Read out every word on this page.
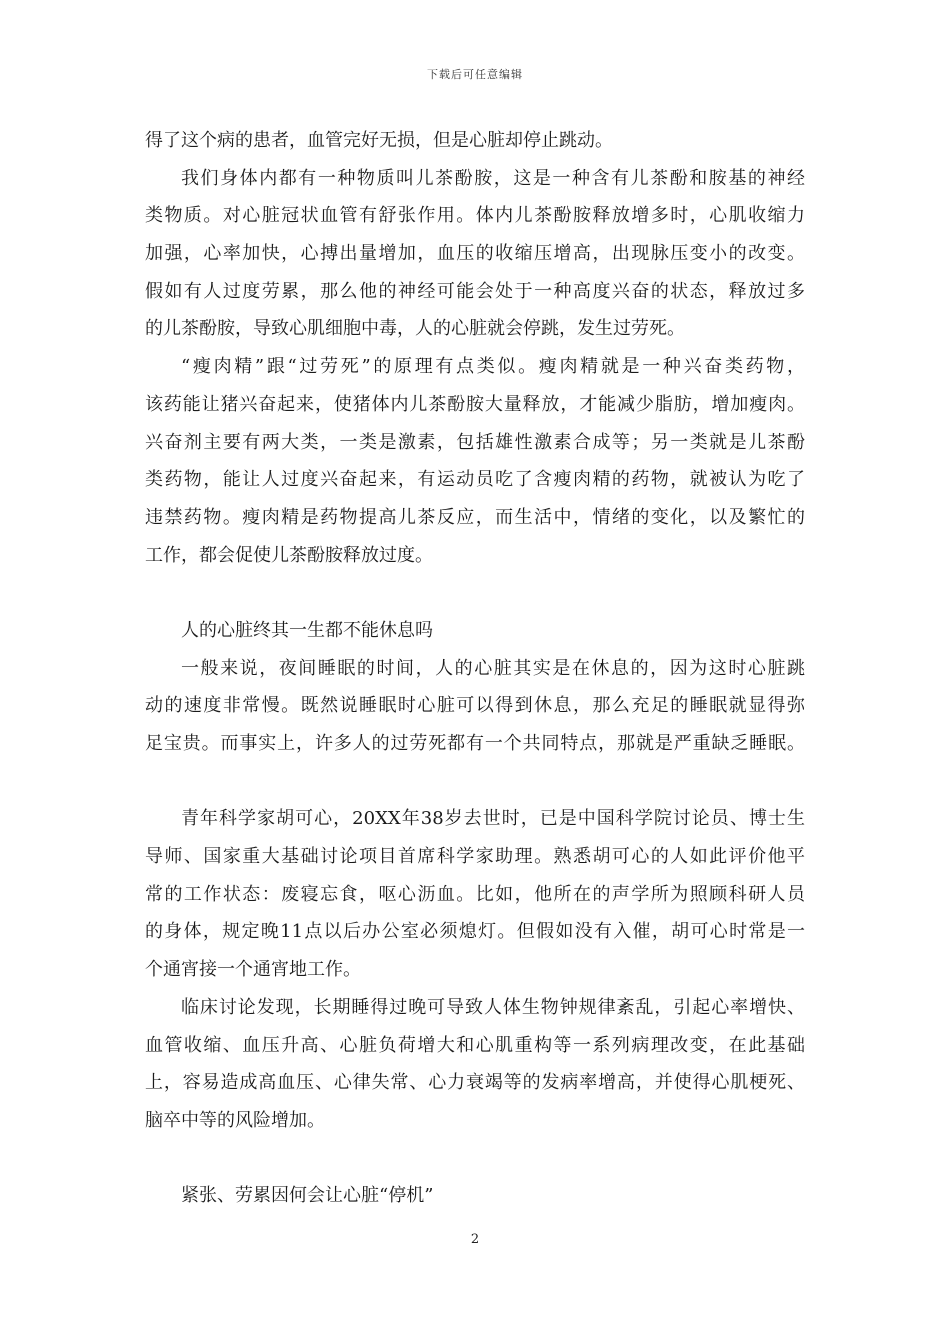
下载后可任意编辑
得了这个病的患者，血管完好无损，但是心脏却停止跳动。
我们身体内都有一种物质叫儿茶酚胺，这是一种含有儿茶酚和胺基的神经
类物质。对心脏冠状血管有舒张作用。体内儿茶酚胺释放增多时，心肌收缩力
加强，心率加快，心搏出量增加，血压的收缩压增高，出现脉压变小的改变。
假如有人过度劳累，那么他的神经可能会处于一种高度兴奋的状态，释放过多
的儿茶酚胺，导致心肌细胞中毒，人的心脏就会停跳，发生过劳死。
“瘦肉精”跟“过劳死”的原理有点类似。瘦肉精就是一种兴奋类药物，
该药能让猪兴奋起来，使猪体内儿茶酚胺大量释放，才能减少脂肪，增加瘦肉。
兴奋剂主要有两大类，一类是激素，包括雄性激素合成等；另一类就是儿茶酚
类药物，能让人过度兴奋起来，有运动员吃了含瘦肉精的药物，就被认为吃了
违禁药物。瘦肉精是药物提高儿茶反应，而生活中，情绪的变化，以及繁忙的
工作，都会促使儿茶酚胺释放过度。
人的心脏终其一生都不能休息吗
一般来说，夜间睡眠的时间，人的心脏其实是在休息的，因为这时心脏跳
动的速度非常慢。既然说睡眠时心脏可以得到休息，那么充足的睡眠就显得弥
足宝贵。而事实上，许多人的过劳死都有一个共同特点，那就是严重缺乏睡眠。
青年科学家胡可心，20XX年38岁去世时，已是中国科学院讨论员、博士生
导师、国家重大基础讨论项目首席科学家助理。熟悉胡可心的人如此评价他平
常的工作状态：废寝忘食，呕心沥血。比如，他所在的声学所为照顾科研人员
的身体，规定晚11点以后办公室必须熄灯。但假如没有入催，胡可心时常是一
个通宵接一个通宵地工作。
临床讨论发现，长期睡得过晚可导致人体生物钟规律紊乱，引起心率增快、
血管收缩、血压升高、心脏负荷增大和心肌重构等一系列病理改变，在此基础
上，容易造成高血压、心律失常、心力衰竭等的发病率增高，并使得心肌梗死、
脑卒中等的风险增加。
紧张、劳累因何会让心脏“停机”
2
